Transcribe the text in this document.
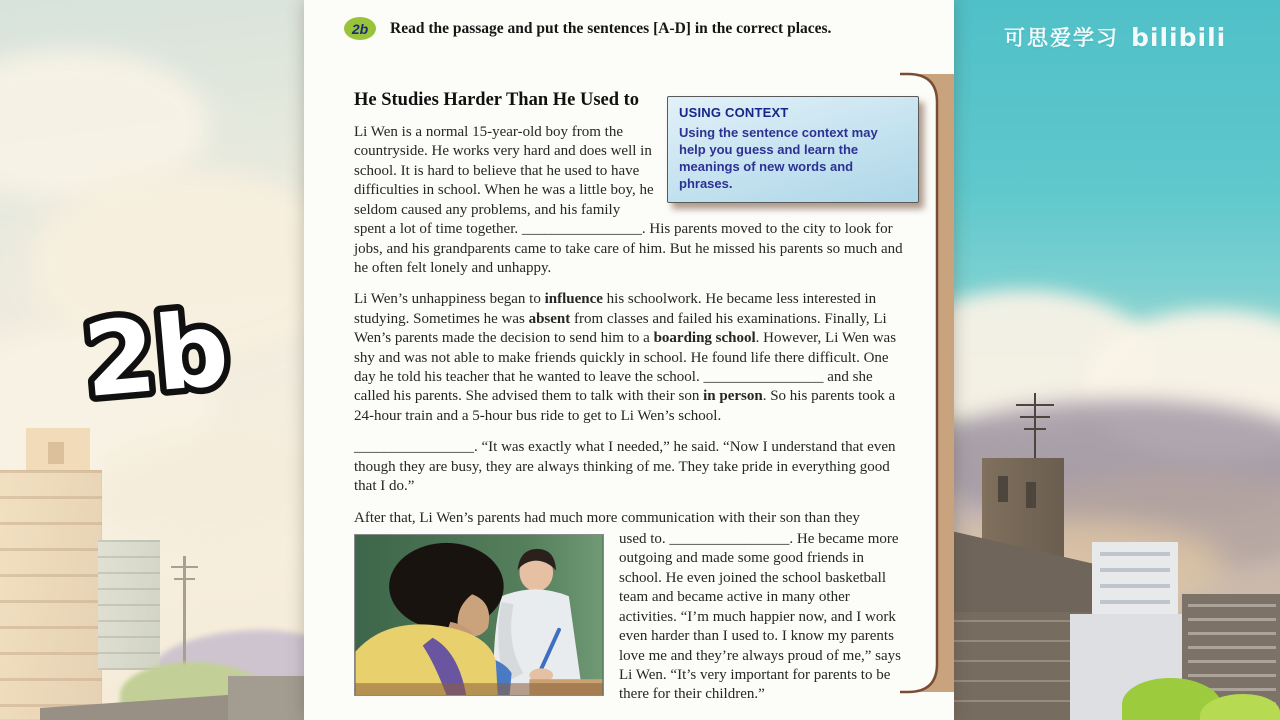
可思爱学习 bilibili
2b
2b	Read the passage and put the sentences [A-D] in the correct places.
USING CONTEXT
Using the sentence context may help you guess and learn the meanings of new words and phrases.
He Studies Harder Than He Used to

Li Wen is a normal 15-year-old boy from the countryside. He works very hard and does well in school. It is hard to believe that he used to have difficulties in school. When he was a little boy, he seldom caused any problems, and his family spent a lot of time together. ________________. His parents moved to the city to look for jobs, and his grandparents came to take care of him. But he missed his parents so much and he often felt lonely and unhappy.

Li Wen’s unhappiness began to influence his schoolwork. He became less interested in studying. Sometimes he was absent from classes and failed his examinations. Finally, Li Wen’s parents made the decision to send him to a boarding school. However, Li Wen was shy and was not able to make friends quickly in school. He found life there difficult. One day he told his teacher that he wanted to leave the school. ________________ and she called his parents. She advised them to talk with their son in person. So his parents took a 24-hour train and a 5-hour bus ride to get to Li Wen’s school.

________________. “It was exactly what I needed,” he said. “Now I understand that even though they are busy, they are always thinking of me. They take pride in everything good that I do.”

After that, Li Wen’s parents had much more communication with their son than they

used to. ________________. He became more outgoing and made some good friends in school. He even joined the school basketball team and became active in many other activities. “I’m much happier now, and I work even harder than I used to. I know my parents love me and they’re always proud of me,” says Li Wen. “It’s very important for parents to be there for their children.”
